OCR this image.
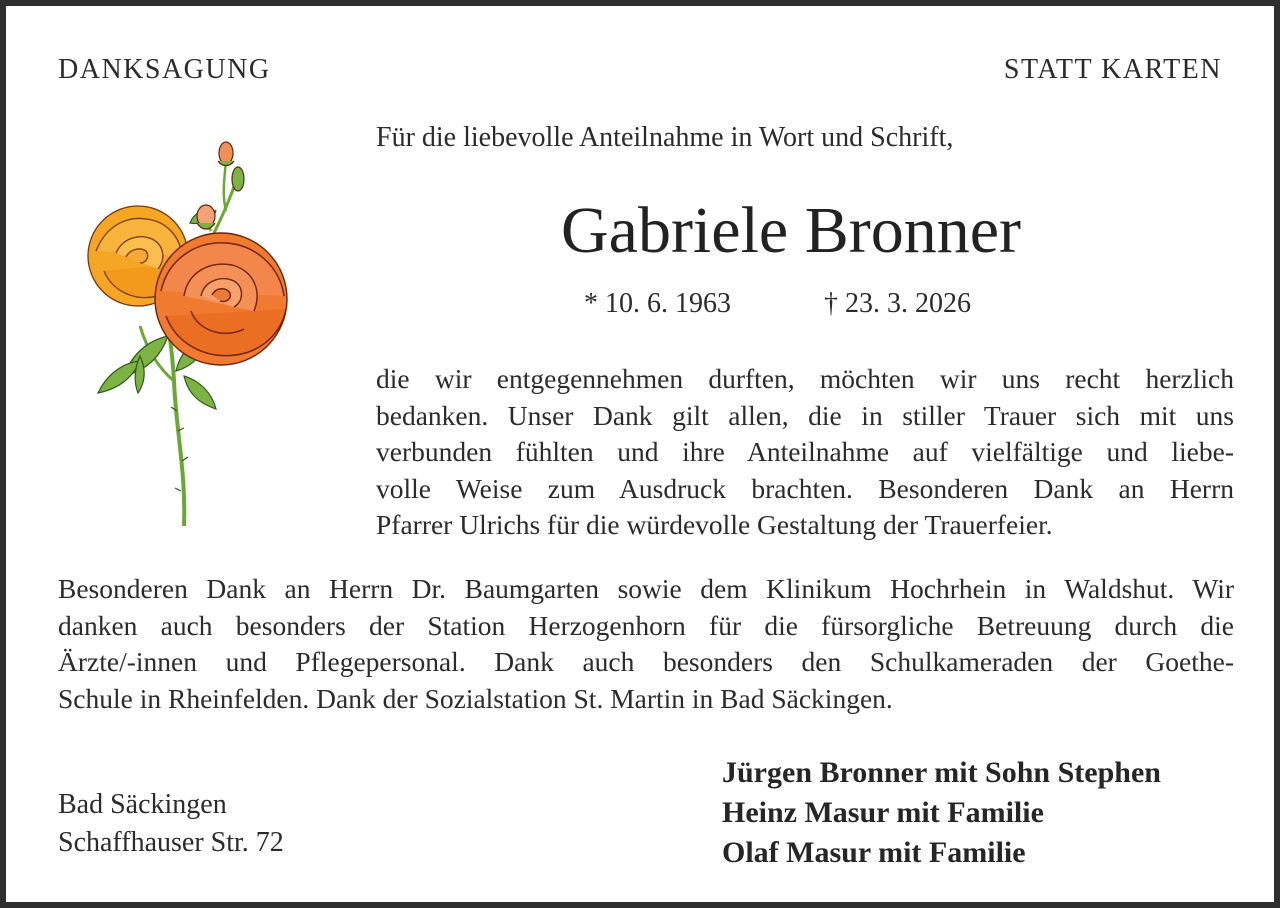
DANKSAGUNG	STATT KARTEN
Für die liebevolle Anteilnahme in Wort und Schrift,
Gabriele Bronner
* 10. 6. 1963	† 23. 3. 2026
die wir entgegennehmen durften, möchten wir uns recht herzlich
bedanken. Unser Dank gilt allen, die in stiller Trauer sich mit uns
verbunden fühlten und ihre Anteilnahme auf vielfältige und liebe-
volle Weise zum Ausdruck brachten. Besonderen Dank an Herrn
Pfarrer Ulrichs für die würdevolle Gestaltung der Trauerfeier.
Besonderen Dank an Herrn Dr. Baumgarten sowie dem Klinikum Hochrhein in Waldshut. Wir
danken auch besonders der Station Herzogenhorn für die fürsorgliche Betreuung durch die
Ärzte/-innen und Pflegepersonal. Dank auch besonders den Schulkameraden der Goethe-
Schule in Rheinfelden. Dank der Sozialstation St. Martin in Bad Säckingen.
Bad Säckingen
Schaffhauser Str. 72
Jürgen Bronner mit Sohn Stephen
Heinz Masur mit Familie
Olaf Masur mit Familie
